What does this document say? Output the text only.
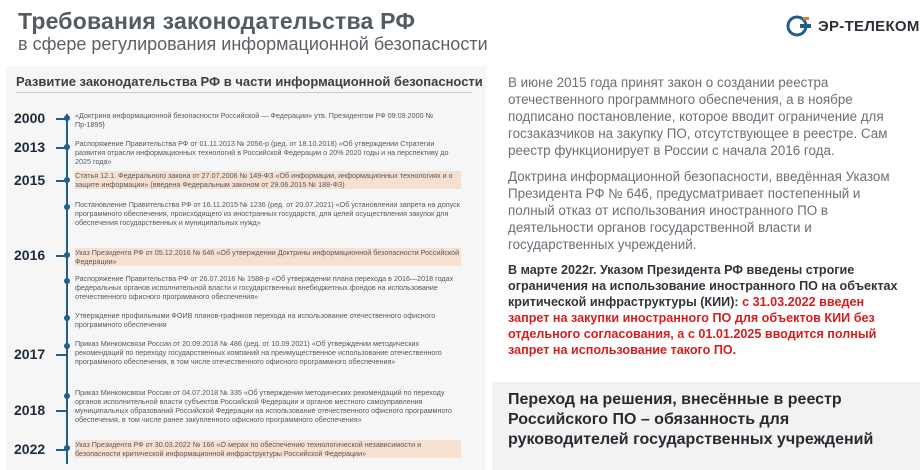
Требования законодательства РФ
в сфере регулирования информационной безопасности
ЭР-ТЕЛЕКОМ
Развитие законодательства РФ в части информационной безопасности
2000
2013
2015
2016
2017
2018
2022
«Доктрина информационной безопасности Российской — Федерации» утв. Президентом РФ 09.09.2000 № Пр-1895}
Распоряжение Правительства РФ от 01.11.2013 № 2056-р (ред. от 18.10.2018) «Об утверждении Стратегии развития отрасли информационных технологий в Российской Федерации о 20% 2020 годы и на перспективу до 2025 года»
Статья 12.1. Федерального закона от 27.07.2006 № 149-ФЗ «Об информации, информационных технологиях и о защите информации» (введена Федеральным законом от 29.06.2015 № 188-ФЗ)
Постановление Правительства РФ от 16.11.2015 № 1236 (ред. от 20.07.2021) «Об установлении запрета на допуск программного обеспечения, происходящего из иностранных государств, для целей осуществления закупок для обеспечения государственных и муниципальных нужд»
Указ Президента РФ от 05.12.2016 № 646 «Об утверждении Доктрины информационной безопасности Российской Федерации»
Распоряжение Правительства РФ от 26.07.2016 № 1588-р «Об утверждении плана перехода в 2016—2018 годах федеральных органов исполнительной власти и государственных внебюджетных фондов на использование отечественного офисного программного обеспечения»
Утверждение профильными ФОИВ планов-графиков перехода на использование отечественного офисного программного обеспечения
Приказ Минкомсвязи России от 20.09.2018 № 486 (ред. от 10.09.2021) «Об утверждении методических рекомендаций по переходу государственных компаний на преимущественное использование отечественного программного обеспечения, в том числе отечественного офисного программного обеспечения»
Приказ Минкомсвязи России от 04.07.2018 № 335 «Об утверждении методических рекомендаций по переходу органов исполнительной власти субъектов Российской Федерации и органов местного самоуправления муниципальных образований Российской Федерации на использование отечественного офисного программного обеспечения, в том числе ранее закупленного офисного программного обеспечения»
Указ Президента РФ от 30.03.2022 № 166 «О мерах по обеспечению технологической независимости и безопасности критической информационной инфраструктуры Российской Федерации»
В июне 2015 года принят закон о создании реестра отечественного программного обеспечения, а в ноябре подписано постановление, которое вводит ограничение для госзаказчиков на закупку ПО, отсутствующее в реестре. Сам реестр функционирует в России с начала 2016 года.
Доктрина информационной безопасности, введённая Указом Президента РФ № 646, предусматривает постепенный и полный отказ от использования иностранного ПО в деятельности органов государственной власти и государственных учреждений.
В марте 2022г. Указом Президента РФ введены строгие ограничения на использование иностранного ПО на объектах критической инфраструктуры (КИИ): с 31.03.2022 введен запрет на закупки иностранного ПО для объектов КИИ без отдельного согласования, а с 01.01.2025 вводится полный запрет на использование такого ПО.
Переход на решения, внесённые в реестр Российского ПО – обязанность для руководителей государственных учреждений
